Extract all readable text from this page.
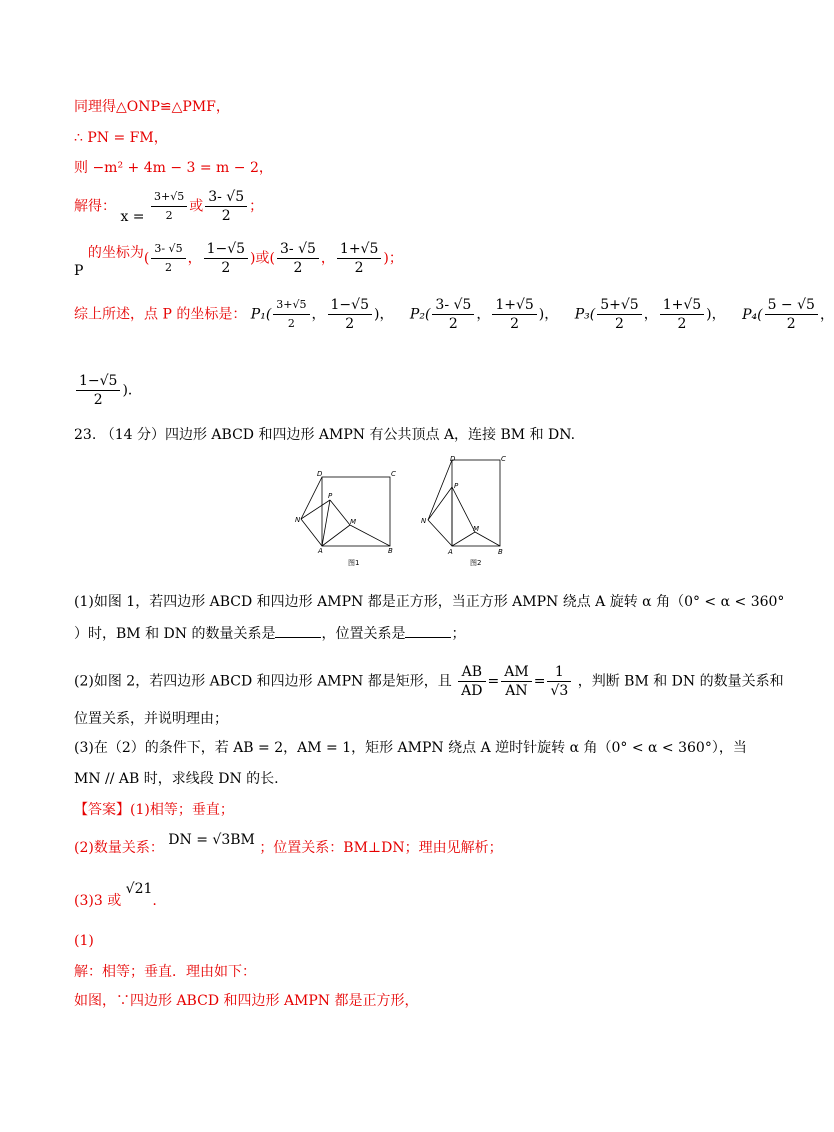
同理得△ONP≌△PMF，
∴ PN = FM，
则 −m² + 4m − 3 = m − 2，
解得： $x = \frac{3+√5}{2}$ 或 $\frac{3- √5}{2}$ ；
P 的坐标为( $\frac{3- √5}{2}$ ， $\frac{1-√5}{2}$ )或( $\frac{3- √5}{2}$ ， $\frac{1+√5}{2}$ )；
综上所述，点 P 的坐标是： $P_1( \frac{3+√5}{2}$ ， $\frac{1-√5}{2}$ )， $P_2( \frac{3- √5}{2}$ ， $\frac{1+√5}{2}$ )， $P_3( \frac{5+√5}{2}$ ， $\frac{1+√5}{2}$ )， $P_4( \frac{5 - √5}{2}$ ，
$\frac{1-√5}{2}$ )．
23. （14 分）四边形 ABCD 和四边形 AMPN 有公共顶点 A，连接 BM 和 DN.
D	C
P
N	M
A	B
图1
D	C
P
N
M
A	B
图2
(1)如图 1，若四边形 ABCD 和四边形 AMPN 都是正方形，当正方形 AMPN 绕点 A 旋转 α 角（0° < α < 360°
）时，BM 和 DN 的数量关系是	，位置关系是	；
(2)如图 2，若四边形 ABCD 和四边形 AMPN 都是矩形，且 $\frac{AB}{AD} = \frac{AM}{AN} = \frac{1}{√3}$ ，判断 BM 和 DN 的数量关系和
位置关系，并说明理由；
(3)在（2）的条件下，若 AB = 2，AM = 1，矩形 AMPN 绕点 A 逆时针旋转 α 角（0° < α < 360°），当
MN // AB 时，求线段 DN 的长.
【答案】(1)相等；垂直；
(2)数量关系： DN = √3BM ；位置关系：BM⊥DN；理由见解析；
(3)3 或 √21.
(1)
解：相等；垂直．理由如下：
如图，∵四边形 ABCD 和四边形 AMPN 都是正方形，
